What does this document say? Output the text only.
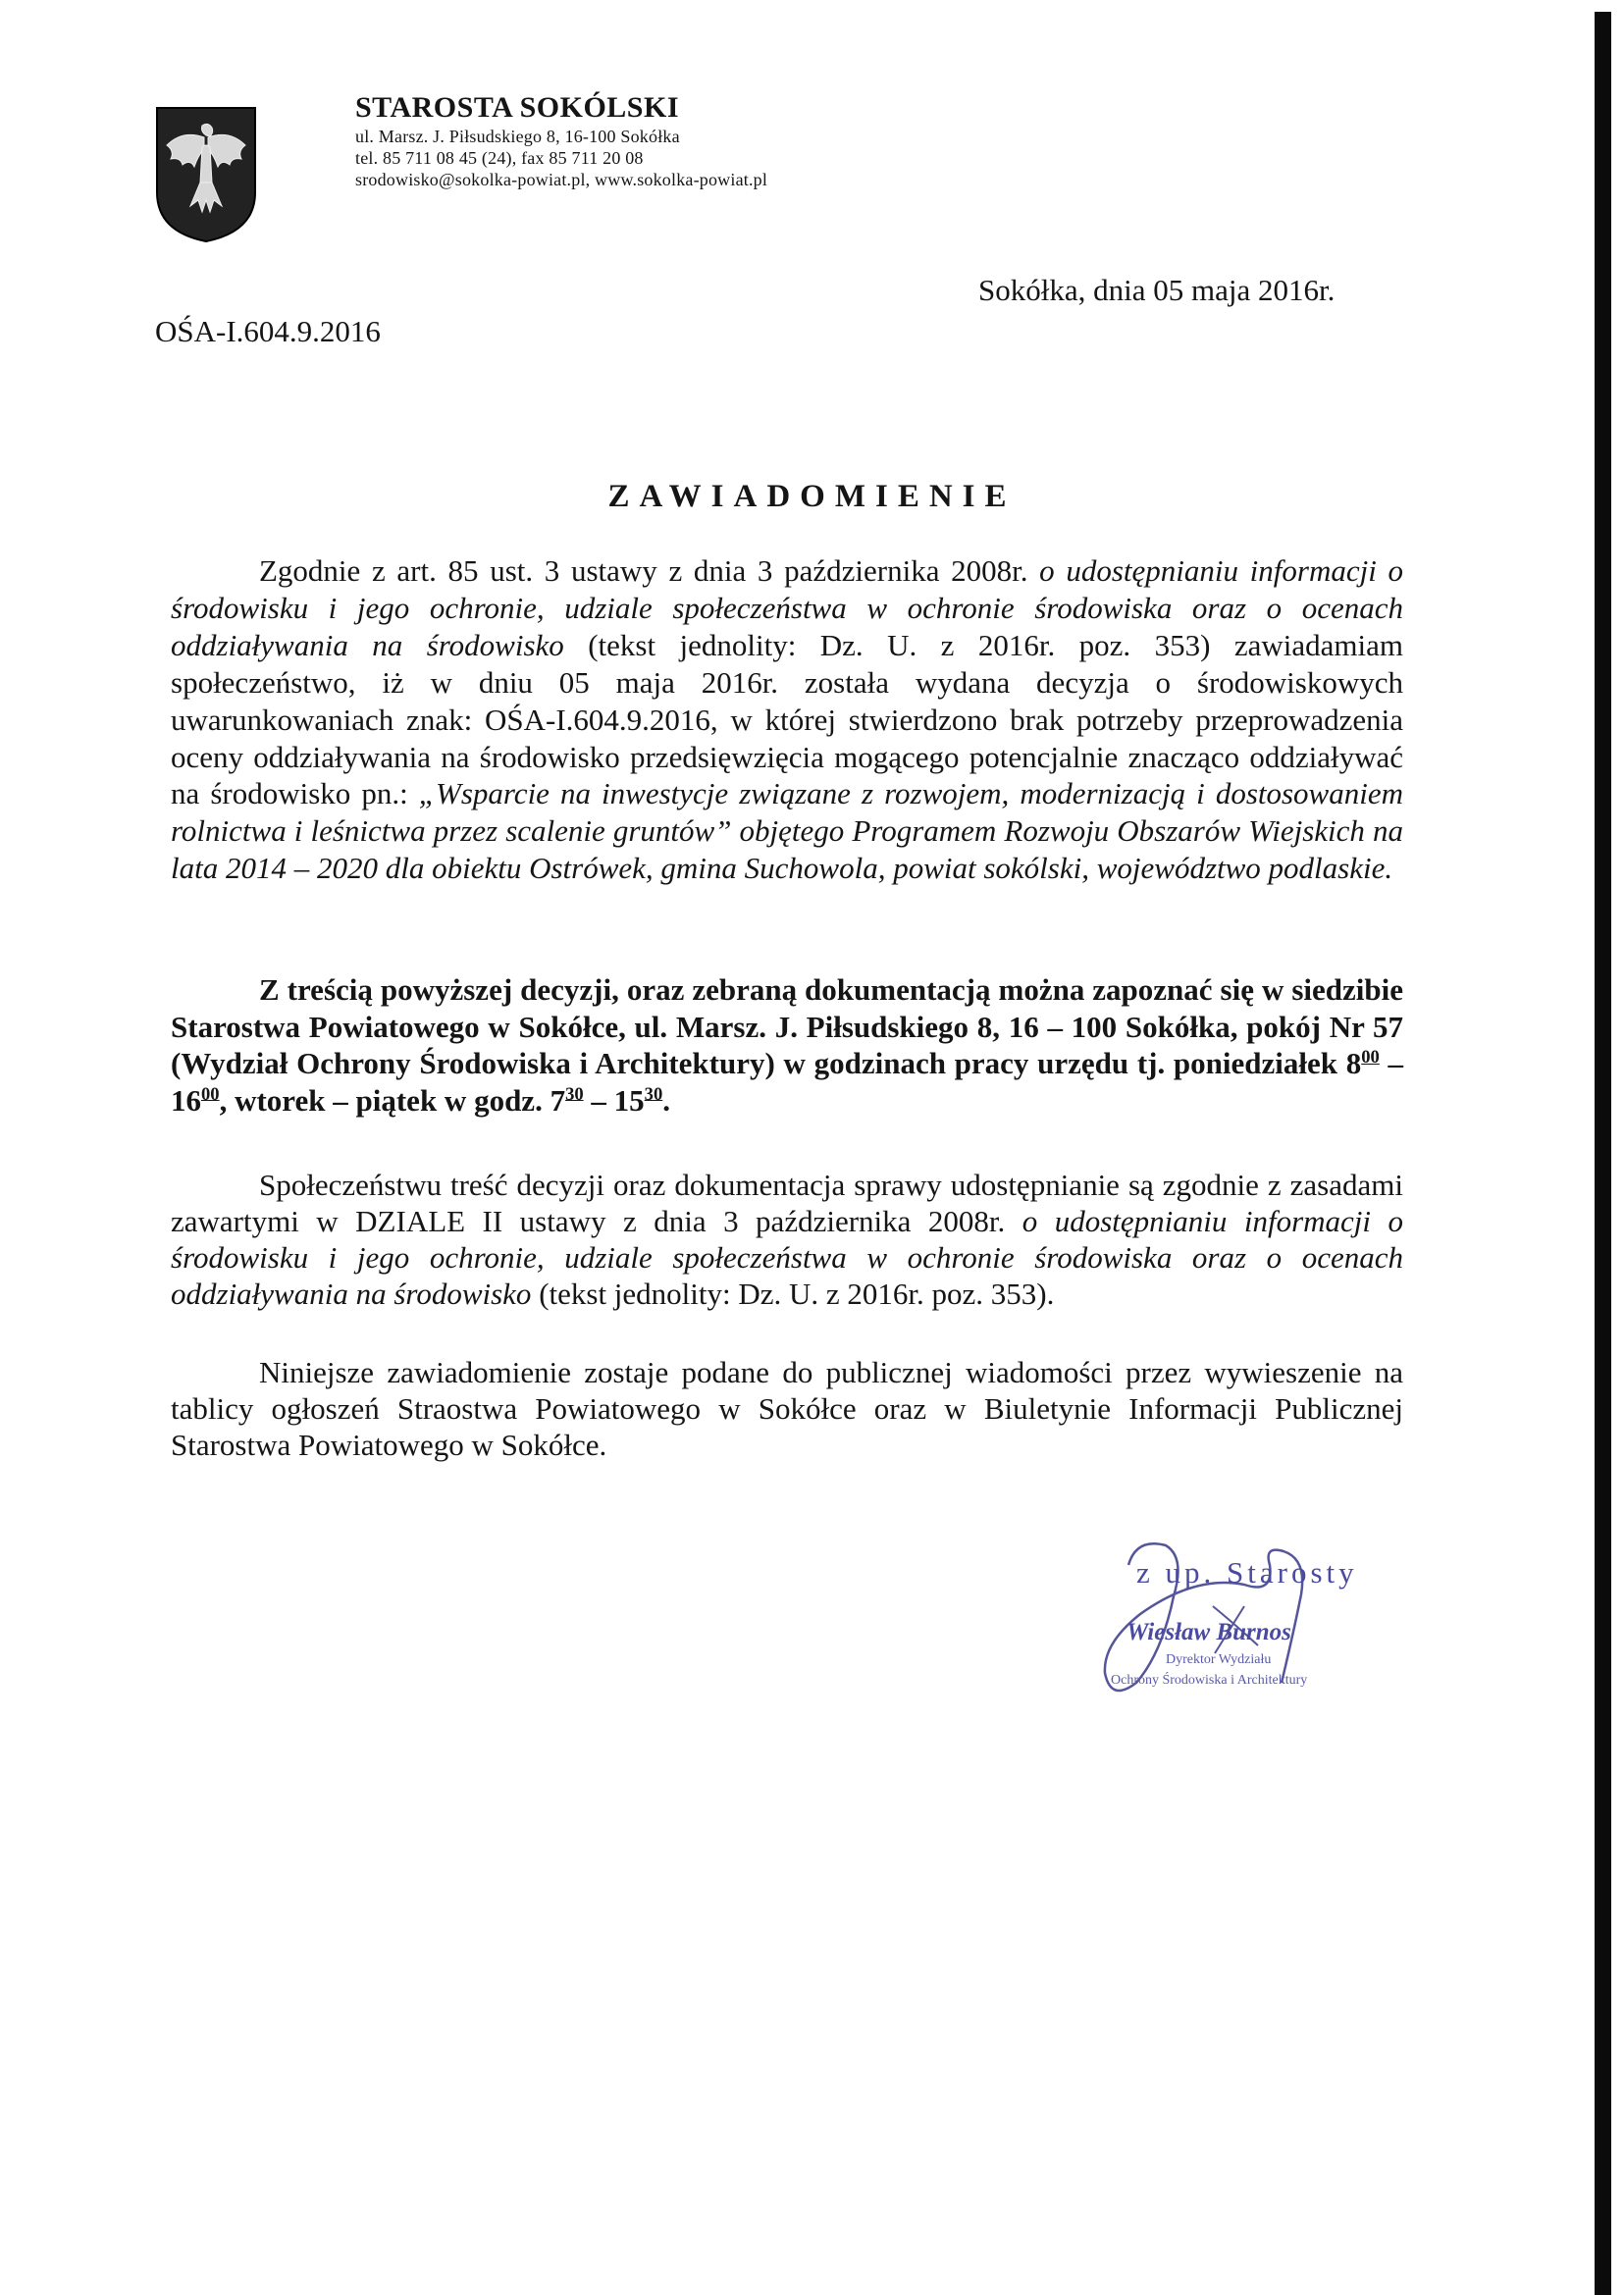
STAROSTA SOKÓLSKI
ul. Marsz. J. Piłsudskiego 8, 16-100 Sokółka
tel. 85 711 08 45 (24), fax 85 711 20 08
srodowisko@sokolka-powiat.pl, www.sokolka-powiat.pl
Sokółka, dnia 05 maja 2016r.
OŚA-I.604.9.2016
ZAWIADOMIENIE

Zgodnie z art. 85 ust. 3 ustawy z dnia 3 października 2008r. o udostępnianiu informacji o środowisku i jego ochronie, udziale społeczeństwa w ochronie środowiska oraz o ocenach oddziaływania na środowisko (tekst jednolity: Dz. U. z 2016r. poz. 353) zawiadamiam społeczeństwo, iż w dniu 05 maja 2016r. została wydana decyzja o środowiskowych uwarunkowaniach znak: OŚA-I.604.9.2016, w której stwierdzono brak potrzeby przeprowadzenia oceny oddziaływania na środowisko przedsięwzięcia mogącego potencjalnie znacząco oddziaływać na środowisko pn.: „Wsparcie na inwestycje związane z rozwojem, modernizacją i dostosowaniem rolnictwa i leśnictwa przez scalenie gruntów” objętego Programem Rozwoju Obszarów Wiejskich na lata 2014 – 2020 dla obiektu Ostrówek, gmina Suchowola, powiat sokólski, województwo podlaskie.

Z treścią powyższej decyzji, oraz zebraną dokumentacją można zapoznać się w siedzibie Starostwa Powiatowego w Sokółce, ul. Marsz. J. Piłsudskiego 8, 16 – 100 Sokółka, pokój Nr 57 (Wydział Ochrony Środowiska i Architektury) w godzinach pracy urzędu tj. poniedziałek $8^{00} - 16^{00}$, wtorek – piątek w godz. $7^{30} - 15^{30}$.

Społeczeństwu treść decyzji oraz dokumentacja sprawy udostępnianie są zgodnie z zasadami zawartymi w DZIALE II ustawy z dnia 3 października 2008r. o udostępnianiu informacji o środowisku i jego ochronie, udziale społeczeństwa w ochronie środowiska oraz o ocenach oddziaływania na środowisko (tekst jednolity: Dz. U. z 2016r. poz. 353).

Niniejsze zawiadomienie zostaje podane do publicznej wiadomości przez wywieszenie na tablicy ogłoszeń Straostwa Powiatowego w Sokółce oraz w Biuletynie Informacji Publicznej Starostwa Powiatowego w Sokółce.

z up. Starosty
Wiesław Burnos
Dyrektor Wydziału
Ochrony Środowiska i Architektury
